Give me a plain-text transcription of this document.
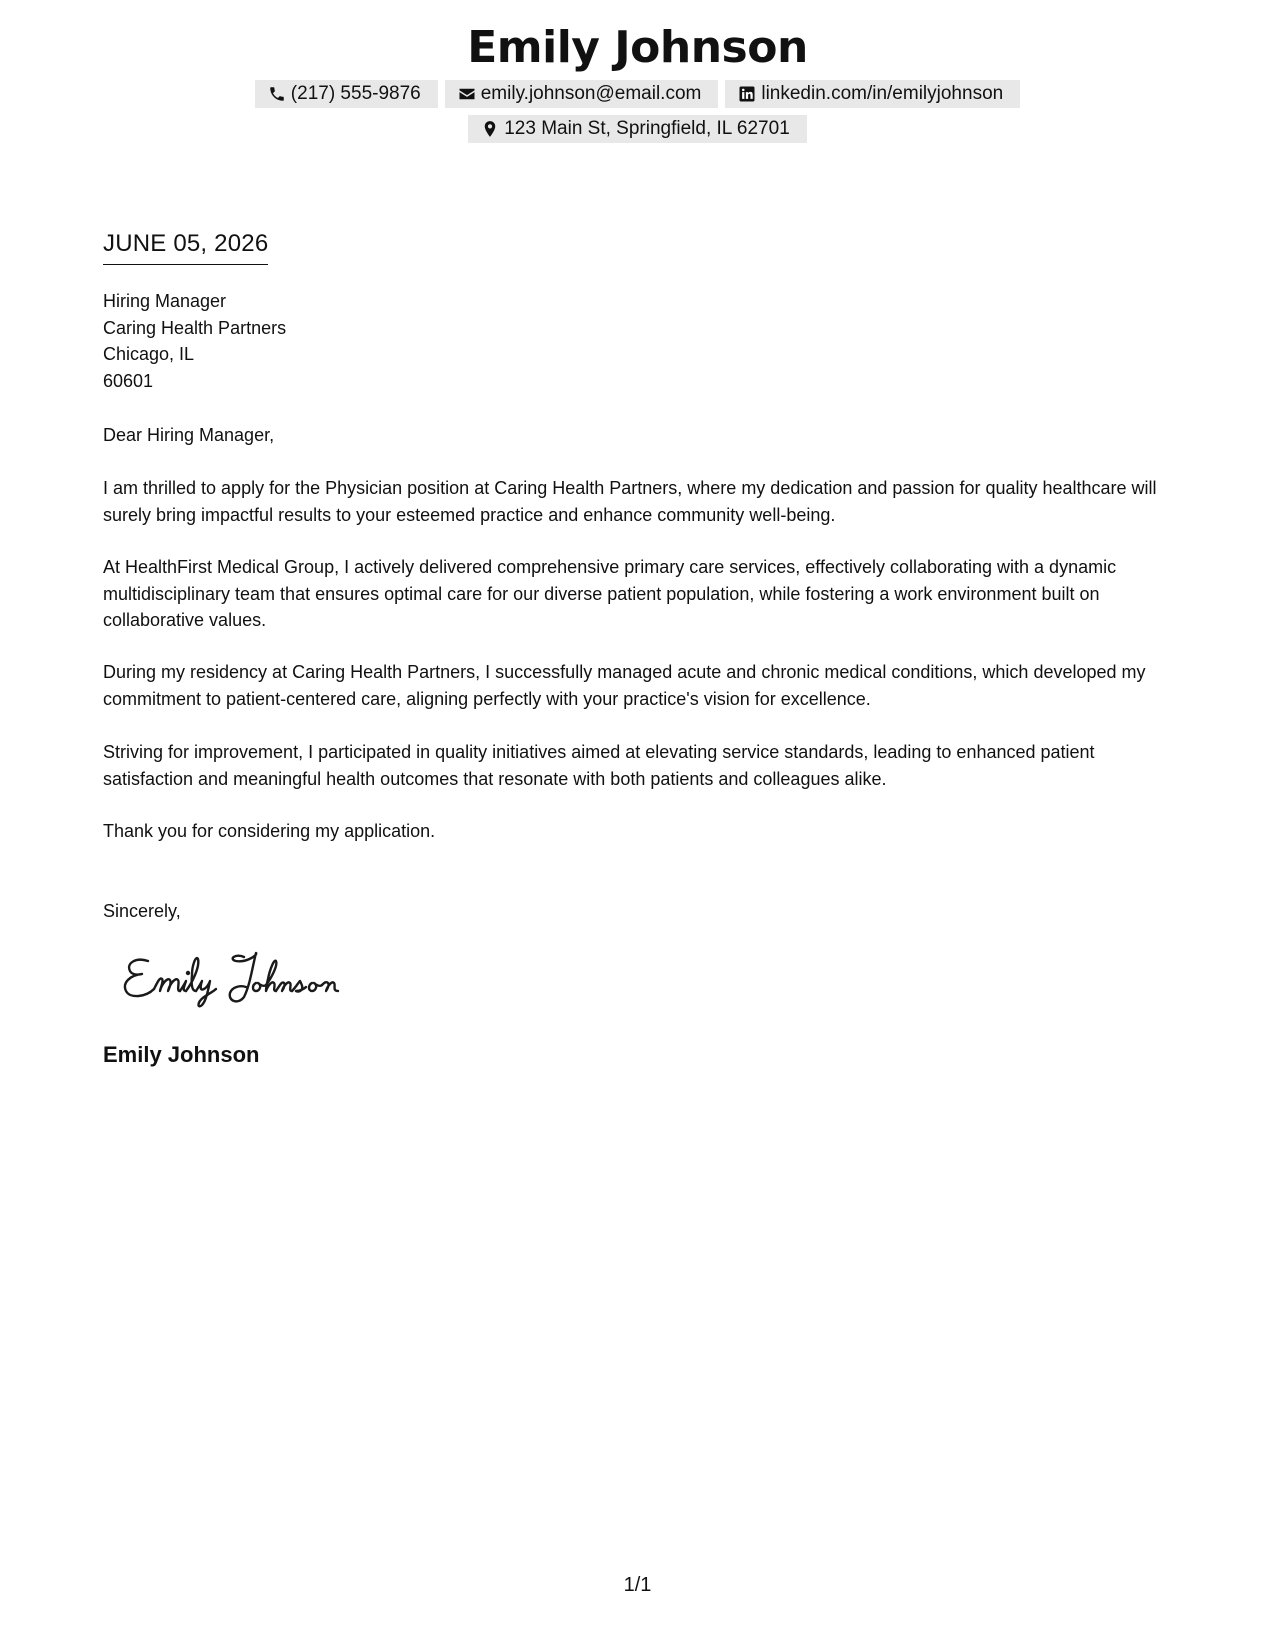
Emily Johnson
(217) 555-9876	emily.johnson@email.com	linkedin.com/in/emilyjohnson
123 Main St, Springfield, IL 62701
JUNE 05, 2026
Hiring Manager
Caring Health Partners
Chicago, IL
60601
Dear Hiring Manager,
I am thrilled to apply for the Physician position at Caring Health Partners, where my dedication and passion for quality healthcare will surely bring impactful results to your esteemed practice and enhance community well-being.
At HealthFirst Medical Group, I actively delivered comprehensive primary care services, effectively collaborating with a dynamic multidisciplinary team that ensures optimal care for our diverse patient population, while fostering a work environment built on collaborative values.
During my residency at Caring Health Partners, I successfully managed acute and chronic medical conditions, which developed my commitment to patient-centered care, aligning perfectly with your practice's vision for excellence.
Striving for improvement, I participated in quality initiatives aimed at elevating service standards, leading to enhanced patient satisfaction and meaningful health outcomes that resonate with both patients and colleagues alike.
Thank you for considering my application.
Sincerely,
Emily Johnson
1/1
